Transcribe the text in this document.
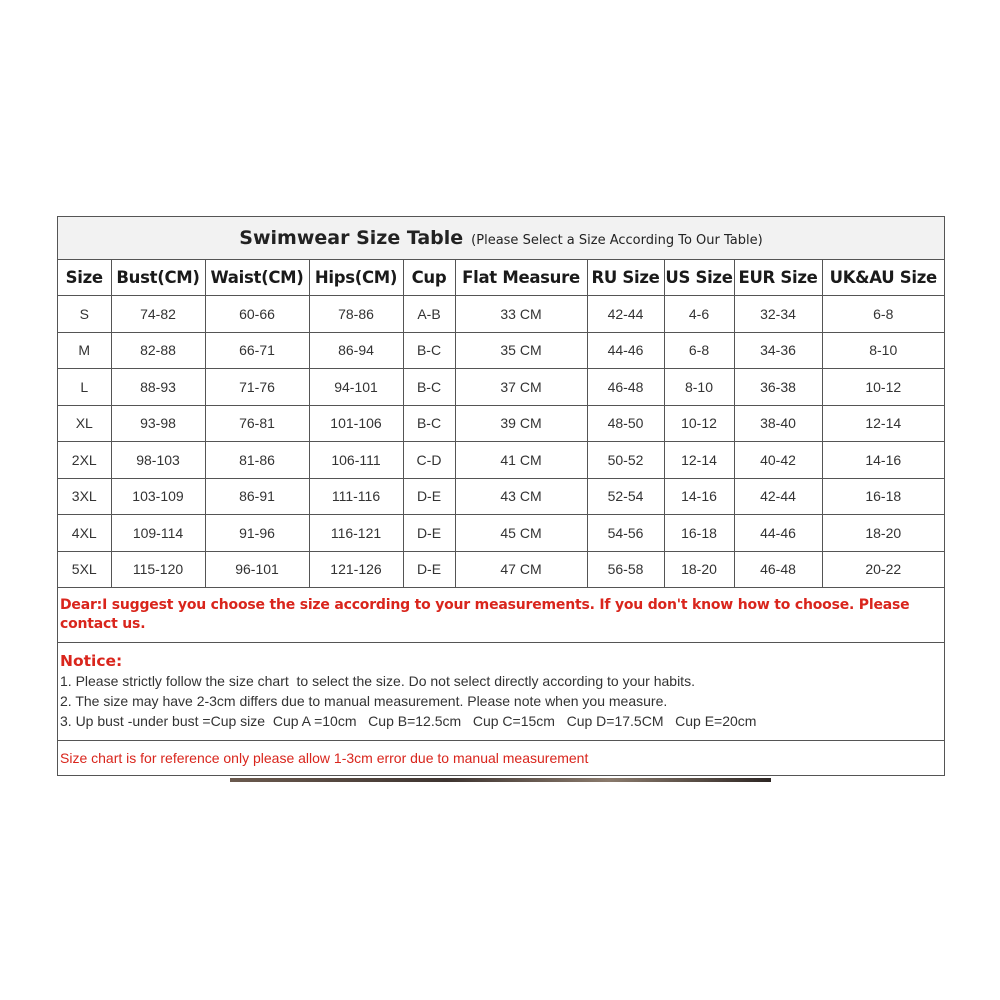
Swimwear Size Table (Please Select a Size According To Our Table)
Size	Bust(CM)	Waist(CM)	Hips(CM)	Cup	Flat Measure	RU Size	US Size	EUR Size	UK&AU Size
S	74-82	60-66	78-86	A-B	33 CM	42-44	4-6	32-34	6-8
M	82-88	66-71	86-94	B-C	35 CM	44-46	6-8	34-36	8-10
L	88-93	71-76	94-101	B-C	37 CM	46-48	8-10	36-38	10-12
XL	93-98	76-81	101-106	B-C	39 CM	48-50	10-12	38-40	12-14
2XL	98-103	81-86	106-111	C-D	41 CM	50-52	12-14	40-42	14-16
3XL	103-109	86-91	111-116	D-E	43 CM	52-54	14-16	42-44	16-18
4XL	109-114	91-96	116-121	D-E	45 CM	54-56	16-18	44-46	18-20
5XL	115-120	96-101	121-126	D-E	47 CM	56-58	18-20	46-48	20-22
Dear:I suggest you choose the size according to your measurements. If you don't know how to choose. Please contact us.
Notice:
1. Please strictly follow the size chart  to select the size. Do not select directly according to your habits.
2. The size may have 2-3cm differs due to manual measurement. Please note when you measure.
3. Up bust -under bust =Cup size  Cup A =10cm   Cup B=12.5cm   Cup C=15cm   Cup D=17.5CM   Cup E=20cm
Size chart is for reference only please allow 1-3cm error due to manual measurement
